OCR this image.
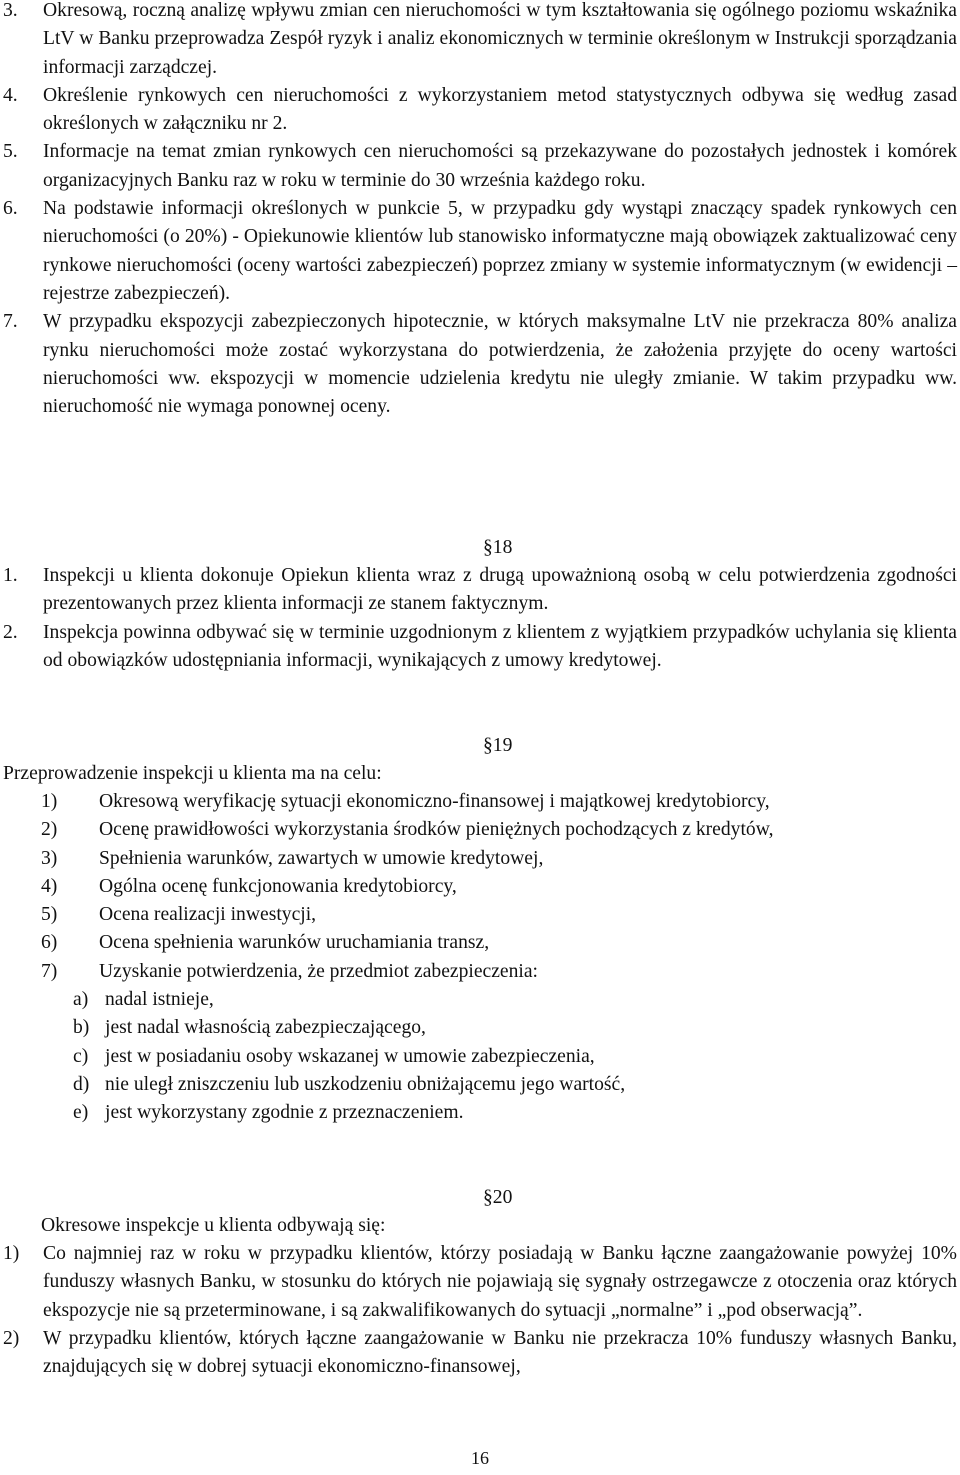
3.	Okresową, roczną analizę wpływu zmian cen nieruchomości w tym kształtowania się ogólnego poziomu wskaźnika LtV w Banku przeprowadza Zespół ryzyk i analiz ekonomicznych w terminie określonym w Instrukcji sporządzania informacji zarządczej.
4.	Określenie rynkowych cen nieruchomości z wykorzystaniem metod statystycznych odbywa się według zasad określonych w załączniku nr 2.
5.	Informacje na temat zmian rynkowych cen nieruchomości są przekazywane do pozostałych jednostek i komórek organizacyjnych Banku raz w roku w terminie do 30 września każdego roku.
6.	Na podstawie informacji określonych w punkcie 5, w przypadku gdy wystąpi znaczący spadek rynkowych cen nieruchomości (o 20%) - Opiekunowie klientów lub stanowisko informatyczne mają obowiązek zaktualizować ceny rynkowe nieruchomości (oceny wartości zabezpieczeń) poprzez zmiany w systemie informatycznym (w ewidencji – rejestrze zabezpieczeń).
7.	W przypadku ekspozycji zabezpieczonych hipotecznie, w których maksymalne LtV nie przekracza 80% analiza rynku nieruchomości może zostać wykorzystana do potwierdzenia, że założenia przyjęte do oceny wartości nieruchomości ww. ekspozycji w momencie udzielenia kredytu nie uległy zmianie. W takim przypadku ww. nieruchomość nie wymaga ponownej oceny.
§18
1.	Inspekcji u klienta dokonuje Opiekun klienta wraz z drugą upoważnioną osobą w celu potwierdzenia zgodności prezentowanych przez klienta informacji ze stanem faktycznym.
2.	Inspekcja powinna odbywać się w terminie uzgodnionym z klientem z wyjątkiem przypadków uchylania się klienta od obowiązków udostępniania informacji, wynikających z umowy kredytowej.
§19
Przeprowadzenie inspekcji u klienta ma na celu:
1)	Okresową weryfikację sytuacji ekonomiczno-finansowej i majątkowej kredytobiorcy,
2)	Ocenę prawidłowości wykorzystania środków pieniężnych pochodzących z kredytów,
3)	Spełnienia warunków, zawartych w umowie kredytowej,
4)	Ogólna ocenę funkcjonowania kredytobiorcy,
5)	Ocena realizacji inwestycji,
6)	Ocena spełnienia warunków uruchamiania transz,
7)	Uzyskanie potwierdzenia, że przedmiot zabezpieczenia:
a) nadal istnieje,
b) jest nadal własnością zabezpieczającego,
c) jest w posiadaniu osoby wskazanej w umowie zabezpieczenia,
d) nie uległ zniszczeniu lub uszkodzeniu obniżającemu jego wartość,
e) jest wykorzystany zgodnie z przeznaczeniem.
§20
Okresowe inspekcje u klienta odbywają się:
1)	Co najmniej raz w roku w przypadku klientów, którzy posiadają w Banku łączne zaangażowanie powyżej 10% funduszy własnych Banku, w stosunku do których nie pojawiają się sygnały ostrzegawcze z otoczenia oraz których ekspozycje nie są przeterminowane, i są zakwalifikowanych do sytuacji „normalne” i „pod obserwacją”.
2)	W przypadku klientów, których łączne zaangażowanie w Banku nie przekracza 10% funduszy własnych Banku, znajdujących się w dobrej sytuacji ekonomiczno-finansowej,
16
